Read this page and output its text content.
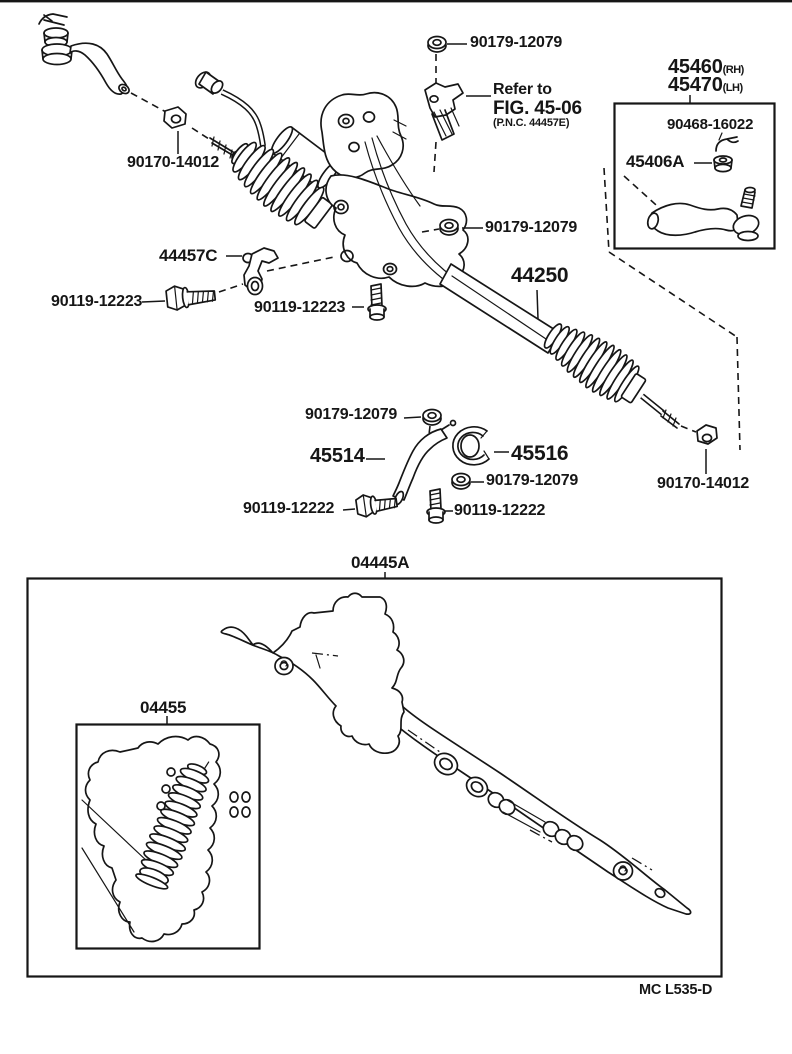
90179-12079
Refer to
FIG. 45-06
(P.N.C. 44457E)
45460(RH)
45470(LH)
90468-16022
45406A
90170-14012
44457C
90119-12223	90119-12223
90179-12079
44250
90179-12079
45514	45516
90179-12079	90170-14012
90119-12222	90119-12222
04445A
04455
MC L535-D
